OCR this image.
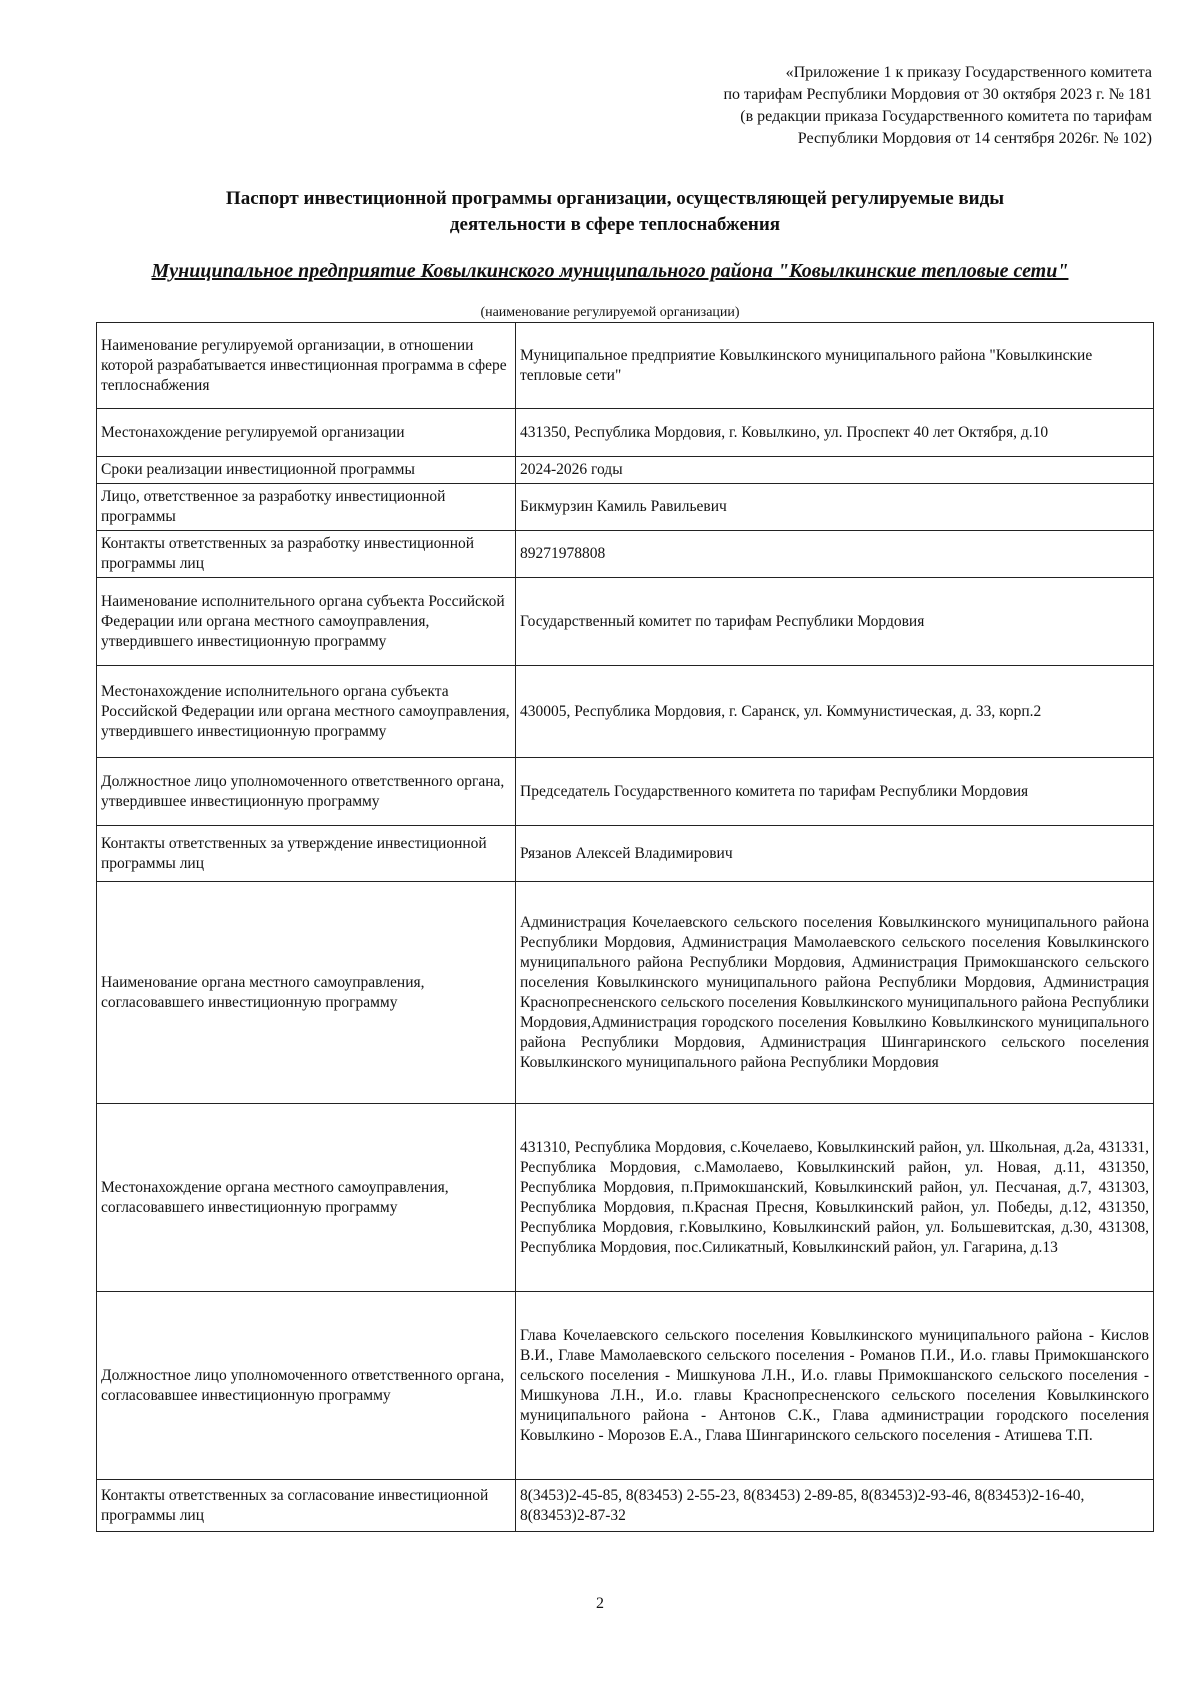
«Приложение 1 к приказу Государственного комитета
по тарифам Республики Мордовия от 30 октября 2023 г. № 181
(в редакции приказа Государственного комитета по тарифам
Республики Мордовия от 14 сентября 2026г. № 102)
Паспорт инвестиционной программы организации, осуществляющей регулируемые виды
деятельности в сфере теплоснабжения
Муниципальное предприятие Ковылкинского муниципального района "Ковылкинские тепловые сети"
(наименование регулируемой организации)
Наименование регулируемой организации, в отношении которой разрабатывается инвестиционная программа в сфере теплоснабжения	Муниципальное предприятие Ковылкинского муниципального района "Ковылкинские тепловые сети"
Местонахождение регулируемой организации	431350, Республика Мордовия, г. Ковылкино, ул. Проспект 40 лет Октября, д.10
Сроки реализации инвестиционной программы	2024-2026 годы
Лицо, ответственное за разработку инвестиционной программы	Бикмурзин Камиль Равильевич
Контакты ответственных за разработку инвестиционной программы лиц	89271978808
Наименование исполнительного органа субъекта Российской Федерации или органа местного самоуправления, утвердившего инвестиционную программу	Государственный комитет по тарифам Республики Мордовия
Местонахождение исполнительного органа субъекта Российской Федерации или органа местного самоуправления, утвердившего инвестиционную программу	430005, Республика Мордовия, г. Саранск, ул. Коммунистическая, д. 33, корп.2
Должностное лицо уполномоченного ответственного органа, утвердившее инвестиционную программу	Председатель Государственного комитета по тарифам Республики Мордовия
Контакты ответственных за утверждение инвестиционной программы лиц	Рязанов Алексей Владимирович
Наименование органа местного самоуправления, согласовавшего инвестиционную программу	Администрация Кочелаевского сельского поселения Ковылкинского муниципального района Республики Мордовия, Администрация Мамолаевского сельского поселения Ковылкинского муниципального района Республики Мордовия, Администрация Примокшанского сельского поселения Ковылкинского муниципального района Республики Мордовия, Администрация Краснопресненского сельского поселения Ковылкинского муниципального района Республики Мордовия,Администрация городского поселения Ковылкино Ковылкинского муниципального района Республики Мордовия, Администрация Шингаринского сельского поселения Ковылкинского муниципального района Республики Мордовия
Местонахождение органа местного самоуправления, согласовавшего инвестиционную программу	431310, Республика Мордовия, с.Кочелаево, Ковылкинский район, ул. Школьная, д.2а, 431331, Республика Мордовия, с.Мамолаево, Ковылкинский район, ул. Новая, д.11, 431350, Республика Мордовия, п.Примокшанский, Ковылкинский район, ул. Песчаная, д.7, 431303, Республика Мордовия, п.Красная Пресня, Ковылкинский район, ул. Победы, д.12, 431350, Республика Мордовия, г.Ковылкино, Ковылкинский район, ул. Большевитская, д.30, 431308, Республика Мордовия, пос.Силикатный, Ковылкинский район, ул. Гагарина, д.13
Должностное лицо уполномоченного ответственного органа, согласовавшее инвестиционную программу	Глава Кочелаевского сельского поселения Ковылкинского муниципального района - Кислов В.И., Главе Мамолаевского сельского поселения - Романов П.И., И.о. главы Примокшанского сельского поселения - Мишкунова Л.Н., И.о. главы Примокшанского сельского поселения - Мишкунова Л.Н., И.о. главы Краснопресненского сельского поселения Ковылкинского муниципального района - Антонов С.К., Глава администрации городского поселения Ковылкино - Морозов Е.А., Глава Шингаринского сельского поселения - Атишева Т.П.
Контакты ответственных за согласование инвестиционной программы лиц	8(3453)2-45-85, 8(83453) 2-55-23, 8(83453) 2-89-85, 8(83453)2-93-46, 8(83453)2-16-40, 8(83453)2-87-32
2
